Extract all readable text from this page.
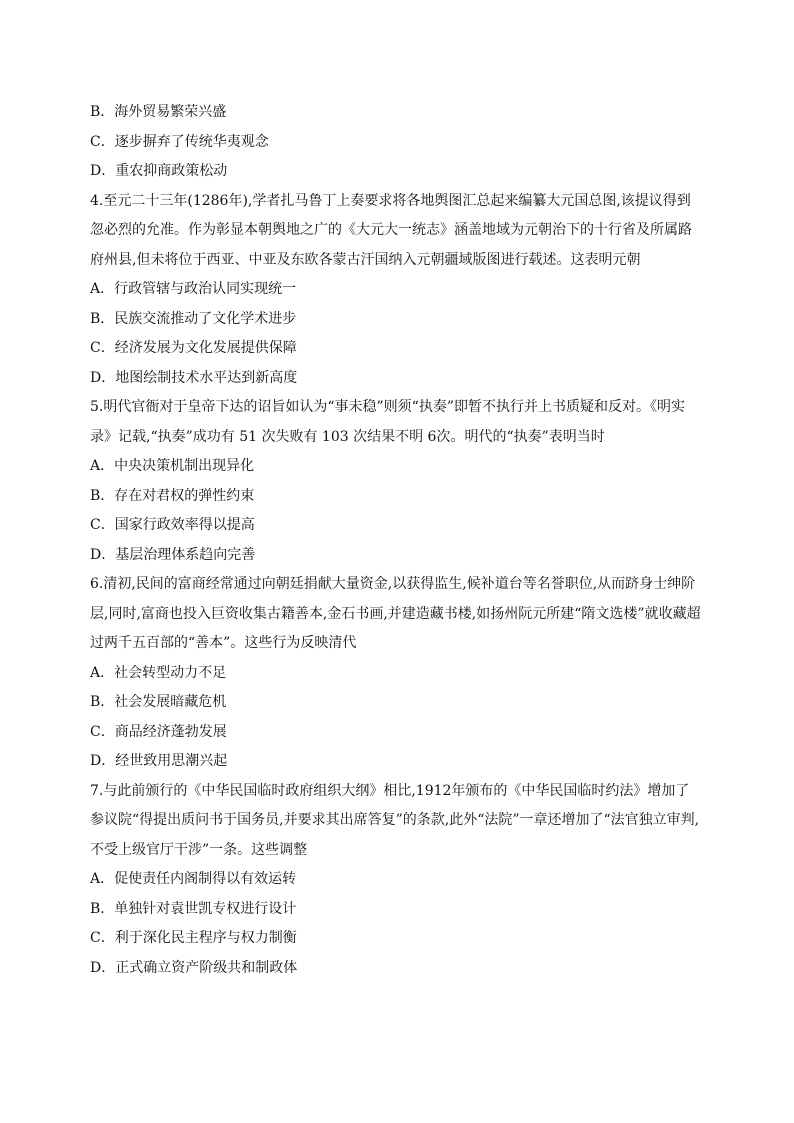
B．海外贸易繁荣兴盛
C．逐步摒弃了传统华夷观念
D．重农抑商政策松动
4.至元二十三年(1286年),学者扎马鲁丁上奏要求将各地舆图汇总起来编纂大元国总图,该提议得到
忽必烈的允准。作为彰显本朝舆地之广的《大元大一统志》涵盖地域为元朝治下的十行省及所属路
府州县,但未将位于西亚、中亚及东欧各蒙古汗国纳入元朝疆域版图进行载述。这表明元朝
A．行政管辖与政治认同实现统一
B．民族交流推动了文化学术进步
C．经济发展为文化发展提供保障
D．地图绘制技术水平达到新高度
5.明代官衙对于皇帝下达的诏旨如认为“事未稳”则须“执奏”即暂不执行并上书质疑和反对。《明实
录》记载,“执奏”成功有 51 次失败有 103 次结果不明 6次。明代的“执奏”表明当时
A．中央决策机制出现异化
B．存在对君权的弹性约束
C．国家行政效率得以提高
D．基层治理体系趋向完善
6.清初,民间的富商经常通过向朝廷捐献大量资金,以获得监生,候补道台等名誉职位,从而跻身士绅阶
层,同时,富商也投入巨资收集古籍善本,金石书画,并建造藏书楼,如扬州阮元所建“隋文选楼”就收藏超
过两千五百部的“善本”。这些行为反映清代
A．社会转型动力不足
B．社会发展暗藏危机
C．商品经济蓬勃发展
D．经世致用思潮兴起
7.与此前颁行的《中华民国临时政府组织大纲》相比,1912年颁布的《中华民国临时约法》增加了
参议院“得提出质问书于国务员,并要求其出席答复”的条款,此外“法院”一章还增加了“法官独立审判,
不受上级官厅干涉”一条。这些调整
A．促使责任内阁制得以有效运转
B．单独针对袁世凯专权进行设计
C．利于深化民主程序与权力制衡
D．正式确立资产阶级共和制政体
